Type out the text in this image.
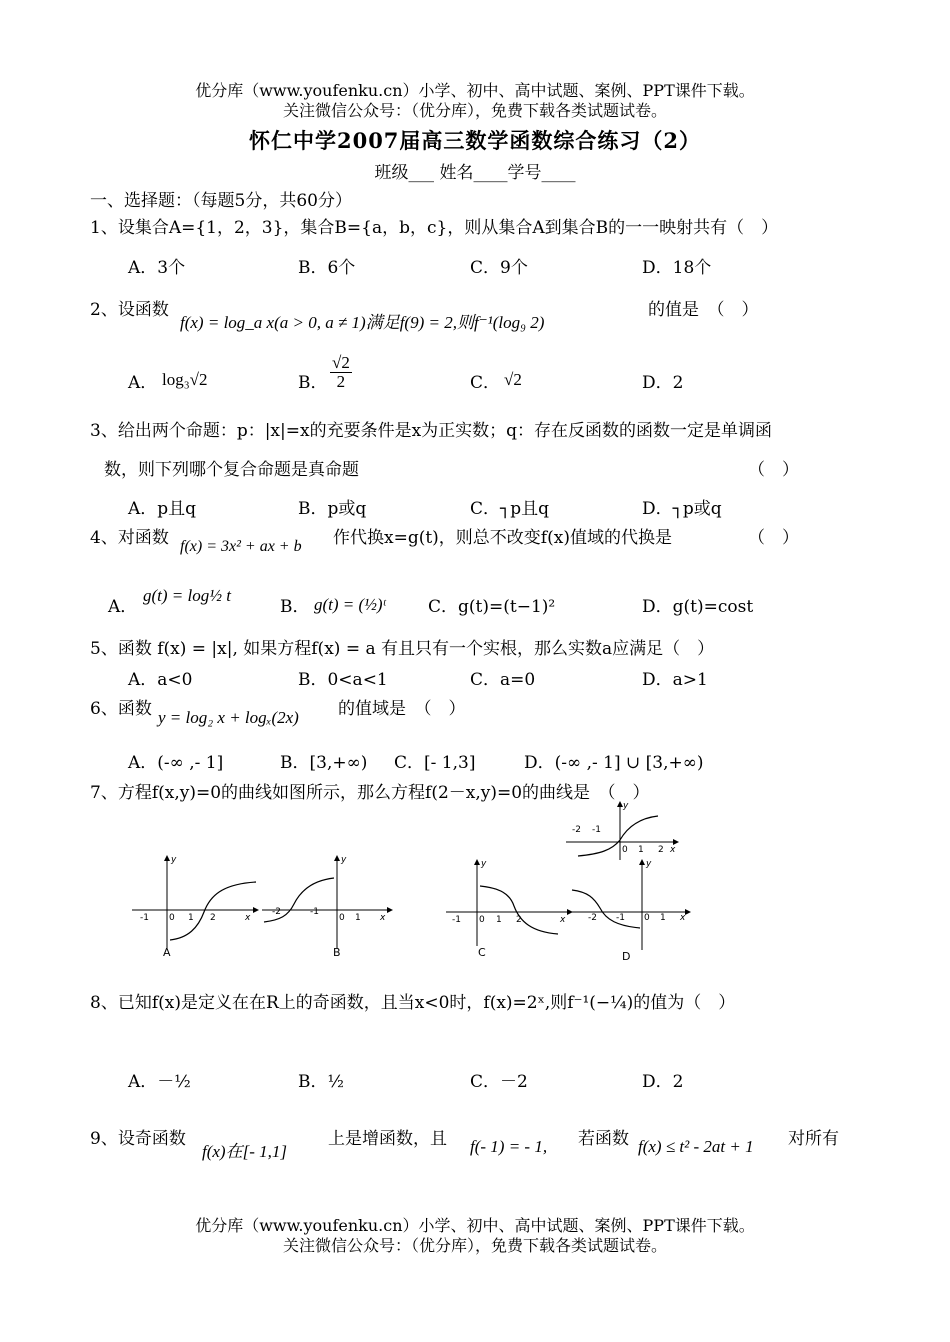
优分库（www.youfenku.cn）小学、初中、高中试题、案例、PPT课件下载。
关注微信公众号：（优分库），免费下载各类试题试卷。
怀仁中学2007届高三数学函数综合练习（2）
班级___ 姓名____学号____
一、选择题：（每题5分，共60分）
1、设集合A={1，2，3}，集合B={a，b，c}，则从集合A到集合B的一一映射共有（　）
A．3个	B．6个	C．9个	D．18个
2、设函数
f(x) = log_a x(a > 0, a ≠ 1)满足f(9) = 2,则f⁻¹(log₉ 2)
的值是　（　）
A． log₃√2	B． $\frac{√2}{2}$	C． √2	D．2
3、给出两个命题：p：|x|=x的充要条件是x为正实数；q：存在反函数的函数一定是单调函
数，则下列哪个复合命题是真命题	（　）
A．p且q	B．p或q	C．┐p且q	D．┐p或q
4、对函数 f(x) = 3x² + ax + b 作代换x=g(t)，则总不改变f(x)值域的代换是	（　）
A．
g(t) = log½ t
B． g(t) = (½)ᵗ	C．g(t)=(t−1)²	D．g(t)=cost
5、函数 f(x) = |x|, 如果方程f(x) = a 有且只有一个实根，那么实数a应满足（　）
A．a<0	B．0<a<1	C．a=0	D．a>1
6、函数 y = log₂ x + logₓ(2x) 的值域是　（　）
A．(-∞ ,- 1]	B．[3,+∞) C．[- 1,3]	D．(-∞ ,- 1] ∪ [3,+∞)
7、方程f(x,y)=0的曲线如图所示，那么方程f(2－x,y)=0的曲线是　（　）
-2 -1
0 1 2 x
y
-1 0 1 2	x
y
-2	-1
0 1 x
y
-1 0 1 2	x
y
-2 -1 0 1 x
y
A	B	C	D
8、已知f(x)是定义在在R上的奇函数，且当x<0时，f(x)=2ˣ,则f⁻¹(−¼)的值为（　）
A．－½	B．½	C．－2	D．2
9、设奇函数
f(x)在[- 1,1]
上是增函数，且 f(- 1) = - 1, 若函数 f(x) ≤ t² - 2at + 1 对所有
优分库（www.youfenku.cn）小学、初中、高中试题、案例、PPT课件下载。
关注微信公众号：（优分库），免费下载各类试题试卷。
